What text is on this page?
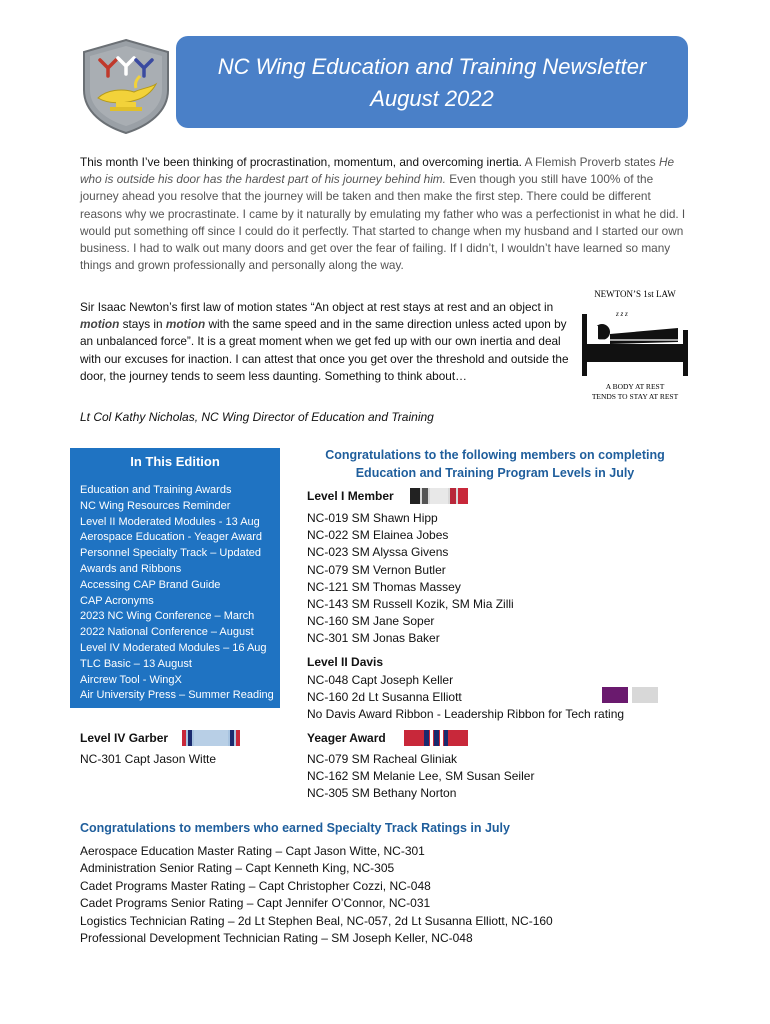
NC Wing Education and Training Newsletter
August 2022

This month I’ve been thinking of procrastination, momentum, and overcoming inertia. A Flemish Proverb states He who is outside his door has the hardest part of his journey behind him. Even though you still have 100% of the journey ahead you resolve that the journey will be taken and then make the first step. There could be different reasons why we procrastinate. I came by it naturally by emulating my father who was a perfectionist in what he did. I would put something off since I could do it perfectly. That started to change when my husband and I started our own business. I had to walk out many doors and get over the fear of failing. If I didn’t, I wouldn’t have learned so many things and grown professionally and personally along the way.

Sir Isaac Newton’s first law of motion states “An object at rest stays at rest and an object in motion stays in motion with the same speed and in the same direction unless acted upon by an unbalanced force”. It is a great moment when we get fed up with our own inertia and deal with our excuses for inaction. I can attest that once you get over the threshold and outside the door, the journey tends to seem less daunting. Something to think about…

NEWTON’S 1st LAW
z z z
A BODY AT REST
TENDS TO STAY AT REST
Lt Col Kathy Nicholas, NC Wing Director of Education and Training
In This Edition
Education and Training Awards
NC Wing Resources Reminder
Level II Moderated Modules - 13 Aug
Aerospace Education - Yeager Award
Personnel Specialty Track – Updated
Awards and Ribbons
Accessing CAP Brand Guide
CAP Acronyms
2023 NC Wing Conference – March
2022 National Conference – August
Level IV Moderated Modules – 16 Aug
TLC Basic – 13 August
Aircrew Tool - WingX
Air University Press – Summer Reading
Congratulations to the following members on completing
Education and Training Program Levels in July
Level I Member
NC-019 SM Shawn Hipp
NC-022 SM Elainea Jobes
NC-023 SM Alyssa Givens
NC-079 SM Vernon Butler
NC-121 SM Thomas Massey
NC-143 SM Russell Kozik, SM Mia Zilli
NC-160 SM Jane Soper
NC-301 SM Jonas Baker
Level II Davis
NC-048 Capt Joseph Keller
NC-160 2d Lt Susanna Elliott
No Davis Award Ribbon - Leadership Ribbon for Tech rating
Level IV Garber
NC-301 Capt Jason Witte
Yeager Award
NC-079 SM Racheal Gliniak
NC-162 SM Melanie Lee, SM Susan Seiler
NC-305 SM Bethany Norton
Congratulations to members who earned Specialty Track Ratings in July
Aerospace Education Master Rating – Capt Jason Witte, NC-301
Administration Senior Rating – Capt Kenneth King, NC-305
Cadet Programs Master Rating – Capt Christopher Cozzi, NC-048
Cadet Programs Senior Rating – Capt Jennifer O’Connor, NC-031
Logistics Technician Rating – 2d Lt Stephen Beal, NC-057, 2d Lt Susanna Elliott, NC-160
Professional Development Technician Rating – SM Joseph Keller, NC-048
